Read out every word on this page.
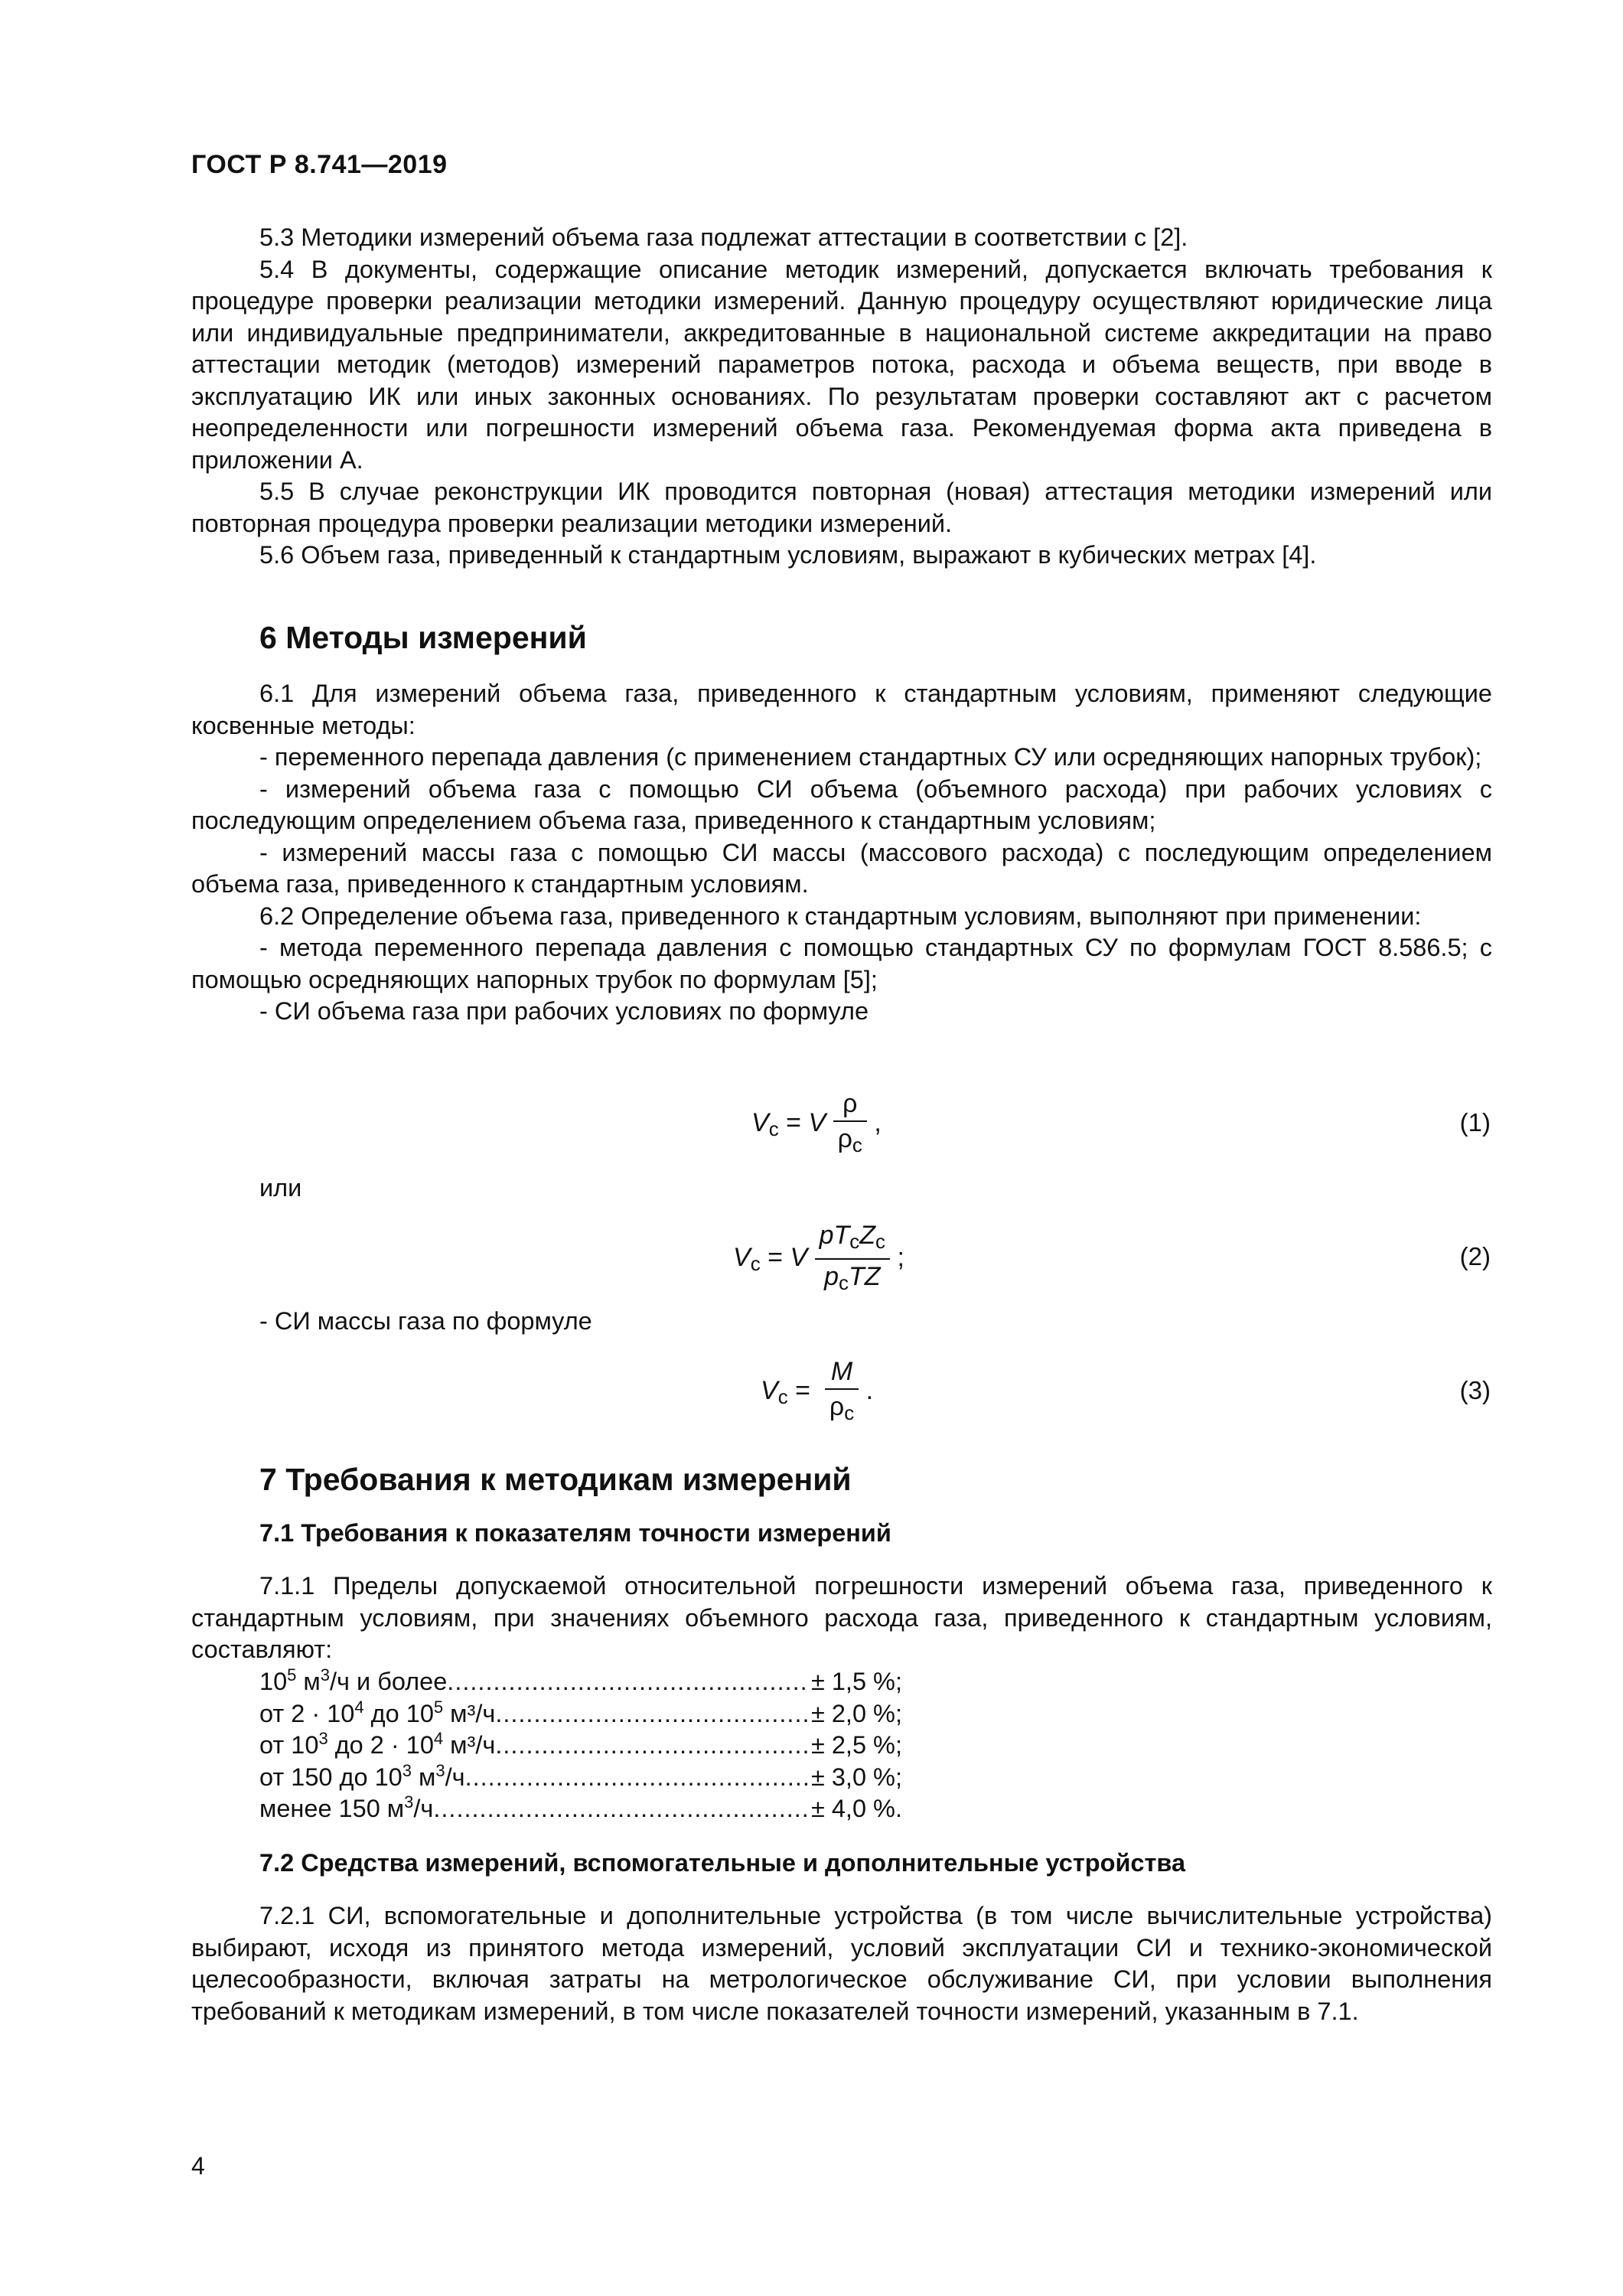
ГОСТ Р 8.741—2019

5.3 Методики измерений объема газа подлежат аттестации в соответствии с [2].

5.4 В документы, содержащие описание методик измерений, допускается включать требования к процедуре проверки реализации методики измерений. Данную процедуру осуществляют юридические лица или индивидуальные предприниматели, аккредитованные в национальной системе аккредитации на право аттестации методик (методов) измерений параметров потока, расхода и объема веществ, при вводе в эксплуатацию ИК или иных законных основаниях. По результатам проверки составляют акт с расчетом неопределенности или погрешности измерений объема газа. Рекомендуемая форма акта приведена в приложении А.

5.5 В случае реконструкции ИК проводится повторная (новая) аттестация методики измерений или повторная процедура проверки реализации методики измерений.

5.6 Объем газа, приведенный к стандартным условиям, выражают в кубических метрах [4].

6 Методы измерений

6.1 Для измерений объема газа, приведенного к стандартным условиям, применяют следующие косвенные методы:

- переменного перепада давления (с применением стандартных СУ или осредняющих напорных трубок);

- измерений объема газа с помощью СИ объема (объемного расхода) при рабочих условиях с последующим определением объема газа, приведенного к стандартным условиям;

- измерений массы газа с помощью СИ массы (массового расхода) с последующим определением объема газа, приведенного к стандартным условиям.

6.2 Определение объема газа, приведенного к стандартным условиям, выполняют при применении:

- метода переменного перепада давления с помощью стандартных СУ по формулам ГОСТ 8.586.5; с помощью осредняющих напорных трубок по формулам [5];

- СИ объема газа при рабочих условиях по формуле

$V_c = V \frac{\rho}{\rho_c}$ ,	(1)
или
$V_c = V \frac{pT_cZ_c}{p_cTZ}$ ;	(2)
- СИ массы газа по формуле
$V_c = \frac{M}{\rho_c}$ .	(3)
7 Требования к методикам измерений
7.1 Требования к показателям точности измерений

7.1.1 Пределы допускаемой относительной погрешности измерений объема газа, приведенного к стандартным условиям, при значениях объемного расхода газа, приведенного к стандартным условиям, составляют:

$10^5$ $м^3/ч$ и более .....	± 1,5 %;
от $2 \cdot 10^4$ до $10^5$ м³/ч .....	± 2,0 %;
от $10^3$ до $2 \cdot 10^4$ м³/ч .....	± 2,5 %;
от 150 до $10^3$ $м^3/ч$ .....	± 3,0 %;
менее 150 $м^3/ч$ .....	± 4,0 %.
7.2 Средства измерений, вспомогательные и дополнительные устройства

7.2.1 СИ, вспомогательные и дополнительные устройства (в том числе вычислительные устройства) выбирают, исходя из принятого метода измерений, условий эксплуатации СИ и технико-экономической целесообразности, включая затраты на метрологическое обслуживание СИ, при условии выполнения требований к методикам измерений, в том числе показателей точности измерений, указанным в 7.1.

4
